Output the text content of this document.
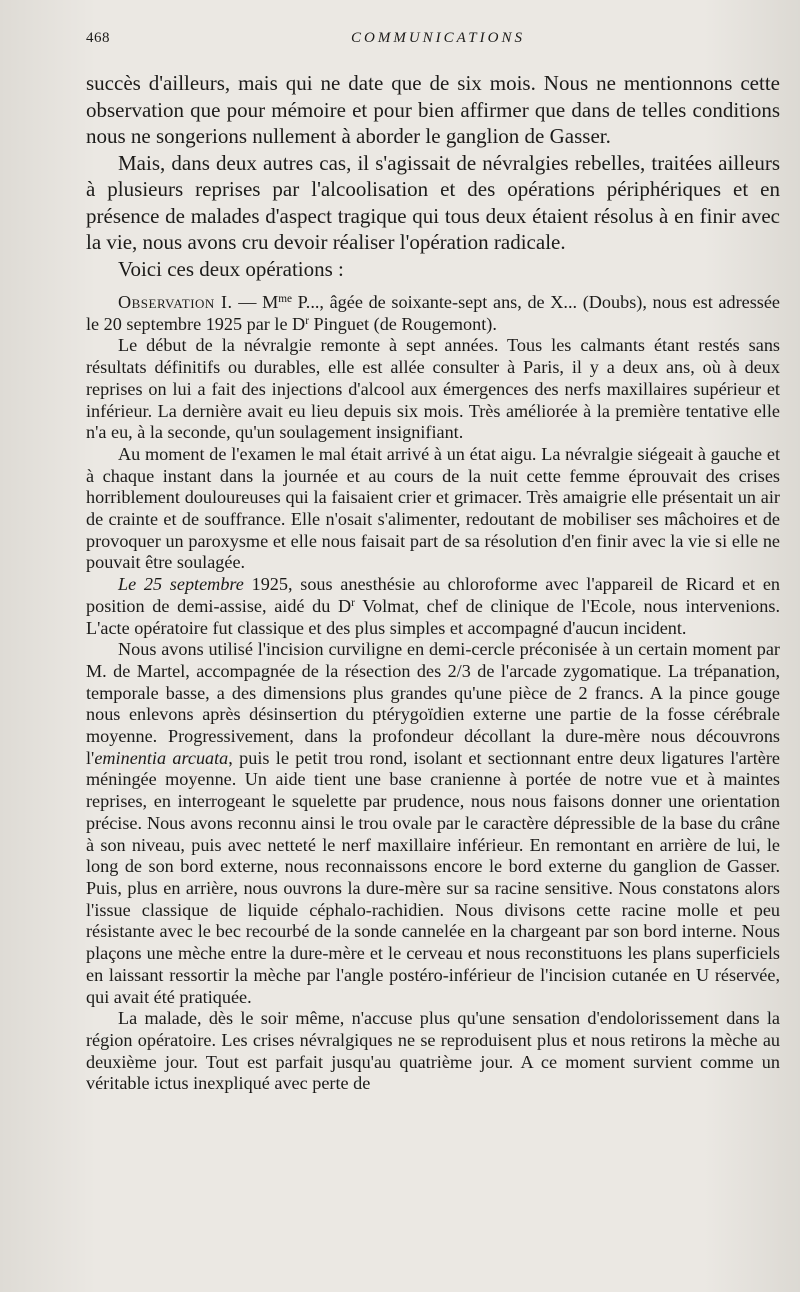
468	COMMUNICATIONS

succès d'ailleurs, mais qui ne date que de six mois. Nous ne mentionnons cette observation que pour mémoire et pour bien affirmer que dans de telles conditions nous ne songerions nullement à aborder le ganglion de Gasser.

Mais, dans deux autres cas, il s'agissait de névralgies rebelles, traitées ailleurs à plusieurs reprises par l'alcoolisation et des opérations périphériques et en présence de malades d'aspect tragique qui tous deux étaient résolus à en finir avec la vie, nous avons cru devoir réaliser l'opération radicale.

Voici ces deux opérations :

Observation I. — $M^{me}$ P..., âgée de soixante-sept ans, de X... (Doubs), nous est adressée le 20 septembre 1925 par le $D^r$ Pinguet (de Rougemont).

Le début de la névralgie remonte à sept années. Tous les calmants étant restés sans résultats définitifs ou durables, elle est allée consulter à Paris, il y a deux ans, où à deux reprises on lui a fait des injections d'alcool aux émergences des nerfs maxillaires supérieur et inférieur. La dernière avait eu lieu depuis six mois. Très améliorée à la première tentative elle n'a eu, à la seconde, qu'un soulagement insignifiant.

Au moment de l'examen le mal était arrivé à un état aigu. La névralgie siégeait à gauche et à chaque instant dans la journée et au cours de la nuit cette femme éprouvait des crises horriblement douloureuses qui la faisaient crier et grimacer. Très amaigrie elle présentait un air de crainte et de souffrance. Elle n'osait s'alimenter, redoutant de mobiliser ses mâchoires et de provoquer un paroxysme et elle nous faisait part de sa résolution d'en finir avec la vie si elle ne pouvait être soulagée.

Le 25 septembre 1925, sous anesthésie au chloroforme avec l'appareil de Ricard et en position de demi-assise, aidé du $D^r$ Volmat, chef de clinique de l'Ecole, nous intervenions. L'acte opératoire fut classique et des plus simples et accompagné d'aucun incident.

Nous avons utilisé l'incision curviligne en demi-cercle préconisée à un certain moment par M. de Martel, accompagnée de la résection des 2/3 de l'arcade zygomatique. La trépanation, temporale basse, a des dimensions plus grandes qu'une pièce de 2 francs. A la pince gouge nous enlevons après désinsertion du ptérygoïdien externe une partie de la fosse cérébrale moyenne. Progressivement, dans la profondeur décollant la dure-mère nous découvrons l'eminentia arcuata, puis le petit trou rond, isolant et sectionnant entre deux ligatures l'artère méningée moyenne. Un aide tient une base cranienne à portée de notre vue et à maintes reprises, en interrogeant le squelette par prudence, nous nous faisons donner une orientation précise. Nous avons reconnu ainsi le trou ovale par le caractère dépressible de la base du crâne à son niveau, puis avec netteté le nerf maxillaire inférieur. En remontant en arrière de lui, le long de son bord externe, nous reconnaissons encore le bord externe du ganglion de Gasser. Puis, plus en arrière, nous ouvrons la dure-mère sur sa racine sensitive. Nous constatons alors l'issue classique de liquide céphalo-rachidien. Nous divisons cette racine molle et peu résistante avec le bec recourbé de la sonde cannelée en la chargeant par son bord interne. Nous plaçons une mèche entre la dure-mère et le cerveau et nous reconstituons les plans superficiels en laissant ressortir la mèche par l'angle postéro-inférieur de l'incision cutanée en U réservée, qui avait été pratiquée.

La malade, dès le soir même, n'accuse plus qu'une sensation d'endolorissement dans la région opératoire. Les crises névralgiques ne se reproduisent plus et nous retirons la mèche au deuxième jour. Tout est parfait jusqu'au quatrième jour. A ce moment survient comme un véritable ictus inexpliqué avec perte de
